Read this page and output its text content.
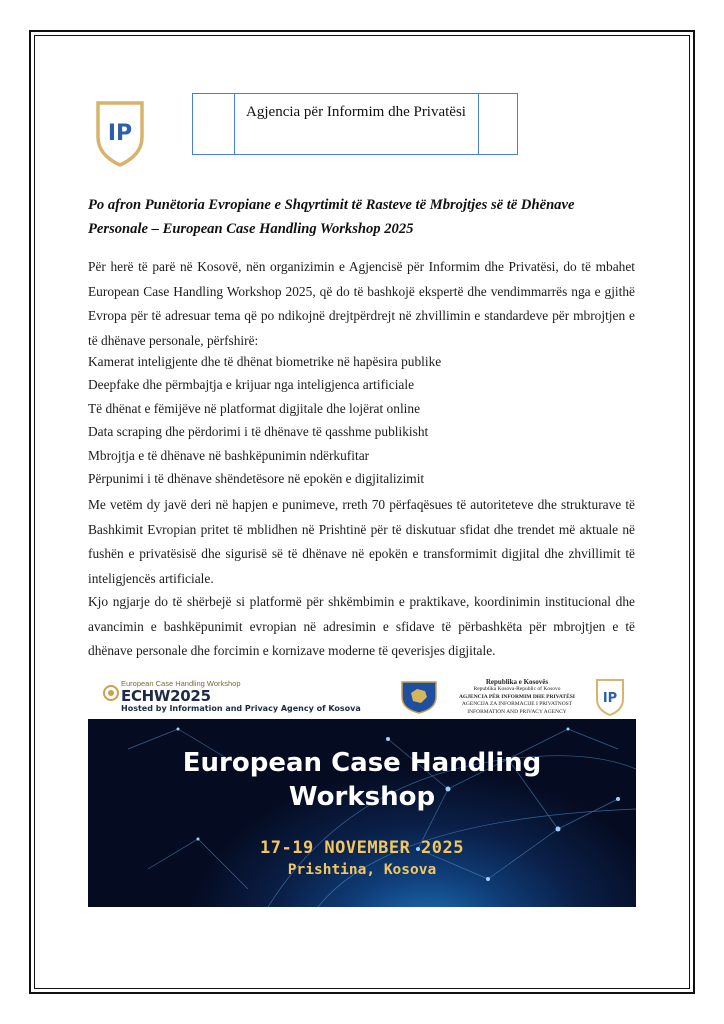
IP
Agjencia për Informim dhe Privatësi
Po afron Punëtoria Evropiane e Shqyrtimit të Rasteve të Mbrojtjes së të Dhënave
Personale – European Case Handling Workshop 2025
Për herë të parë në Kosovë, nën organizimin e Agjencisë për Informim dhe Privatësi, do të mbahet European Case Handling Workshop 2025, që do të bashkojë ekspertë dhe vendimmarrës nga e gjithë Evropa për të adresuar tema që po ndikojnë drejtpërdrejt në zhvillimin e standardeve për mbrojtjen e të dhënave personale, përfshirë:
Kamerat inteligjente dhe të dhënat biometrike në hapësira publike
Deepfake dhe përmbajtja e krijuar nga inteligjenca artificiale
Të dhënat e fëmijëve në platformat digjitale dhe lojërat online
Data scraping dhe përdorimi i të dhënave të qasshme publikisht
Mbrojtja e të dhënave në bashkëpunimin ndërkufitar
Përpunimi i të dhënave shëndetësore në epokën e digjitalizimit
Me vetëm dy javë deri në hapjen e punimeve, rreth 70 përfaqësues të autoriteteve dhe strukturave të Bashkimit Evropian pritet të mblidhen në Prishtinë për të diskutuar sfidat dhe trendet më aktuale në fushën e privatësisë dhe sigurisë së të dhënave në epokën e transformimit digjital dhe zhvillimit të inteligjencës artificiale.
Kjo ngjarje do të shërbejë si platformë për shkëmbimin e praktikave, koordinimin institucional dhe avancimin e bashkëpunimit evropian në adresimin e sfidave të përbashkëta për mbrojtjen e të dhënave personale dhe forcimin e kornizave moderne të qeverisjes digjitale.
European Case Handling Workshop
ECHW2025
Hosted by Information and Privacy Agency of Kosova
Republika e Kosovës
Republika Kosova-Republic of Kosovo
AGJENCIA PËR INFORMIM DHE PRIVATËSI
AGENCIJA ZA INFORMACIJE I PRIVATNOST
INFORMATION AND PRIVACY AGENCY
IP
European Case Handling
Workshop
17-19 NOVEMBER 2025
Prishtina, Kosova
